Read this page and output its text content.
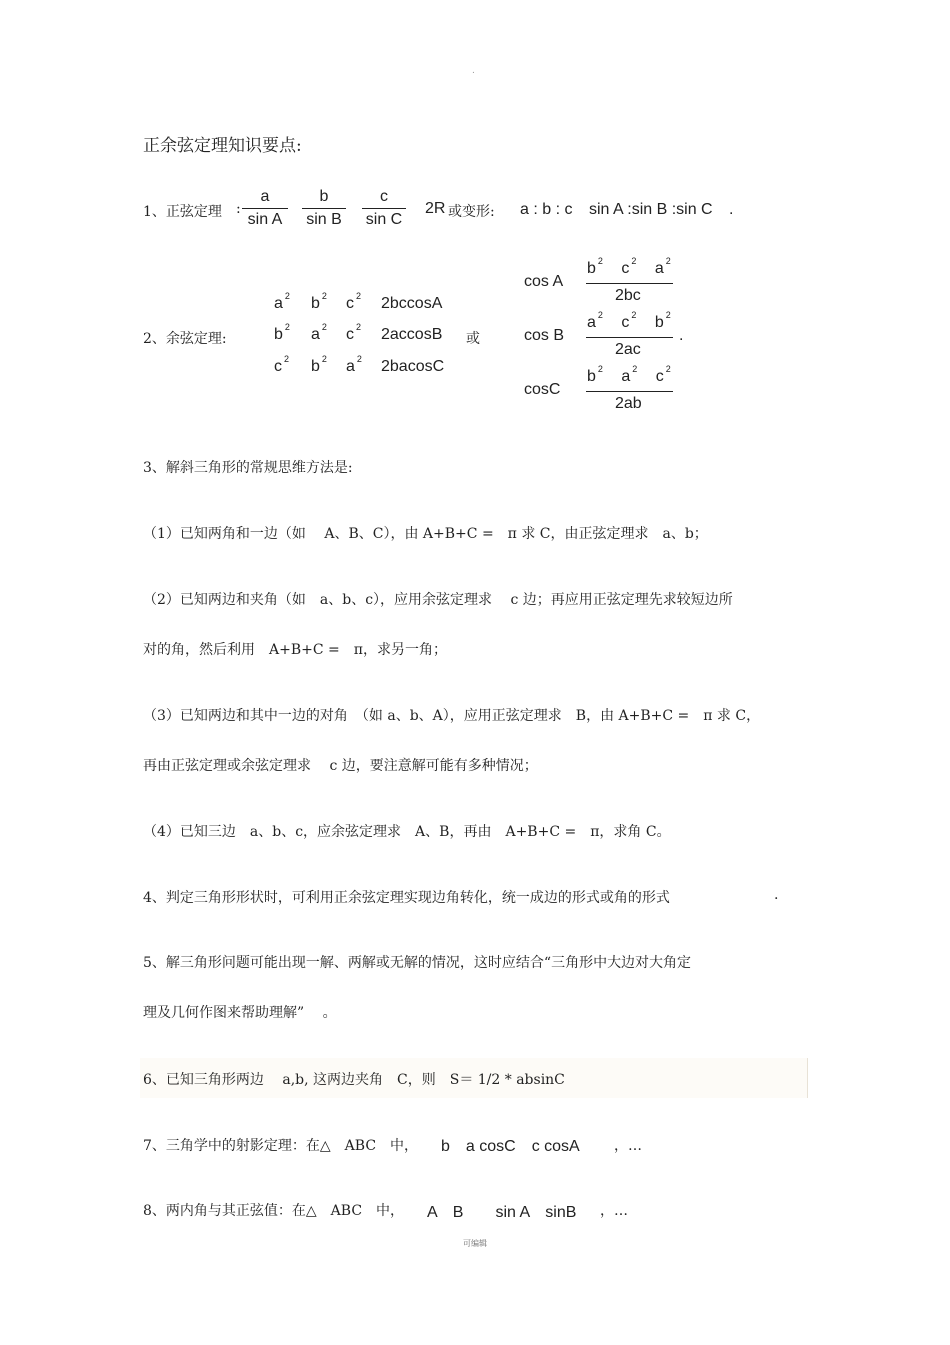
.
正余弦定理知识要点:
1、正弦定理 :
a
sin A
b
sin B
c
sin C
2R 或变形: a : b : c sin A :sin B :sin C .
2、余弦定理:
a $^2$ b $^2$ c $^2$ 2bccosA
b $^2$ a $^2$ c $^2$ 2accosB
c $^2$ b $^2$ a $^2$ 2bacosC
或
cos A
b $^2$ c $^2$ a $^2$
2bc
cos B
a $^2$ c $^2$ b $^2$
2ac
.
cosC
b $^2$ a $^2$ c $^2$
2ab
3、解斜三角形的常规思维方法是:
（1）已知两角和一边（如　 A、B、C），由 A+B+C =　π 求 C，由正弦定理求　a、b；
（2）已知两边和夹角（如　a、b、c），应用余弦定理求　 c 边；再应用正弦定理先求较短边所
对的角，然后利用　A+B+C =　π，求另一角；
（3）已知两边和其中一边的对角　（如 a、b、A），应用正弦定理求　B，由 A+B+C =　π 求 C，
再由正弦定理或余弦定理求　 c 边，要注意解可能有多种情况；
（4）已知三边　a、b、c，应余弦定理求　A、B，再由　A+B+C =　π，求角 C。
4、判定三角形形状时，可利用正余弦定理实现边角转化，统一成边的形式或角的形式	.
5、解三角形问题可能出现一解、两解或无解的情况，这时应结合“三角形中大边对大角定
理及几何作图来帮助理解”　 。
6、已知三角形两边　 a,b, 这两边夹角　C，则　S＝ 1/2 * absinC
7、三角学中的射影定理：在△　ABC　中， b　a cosC　c cosA ，…
8、两内角与其正弦值：在△　ABC　中， A　B　　sin A　sinB ，…
可编辑
